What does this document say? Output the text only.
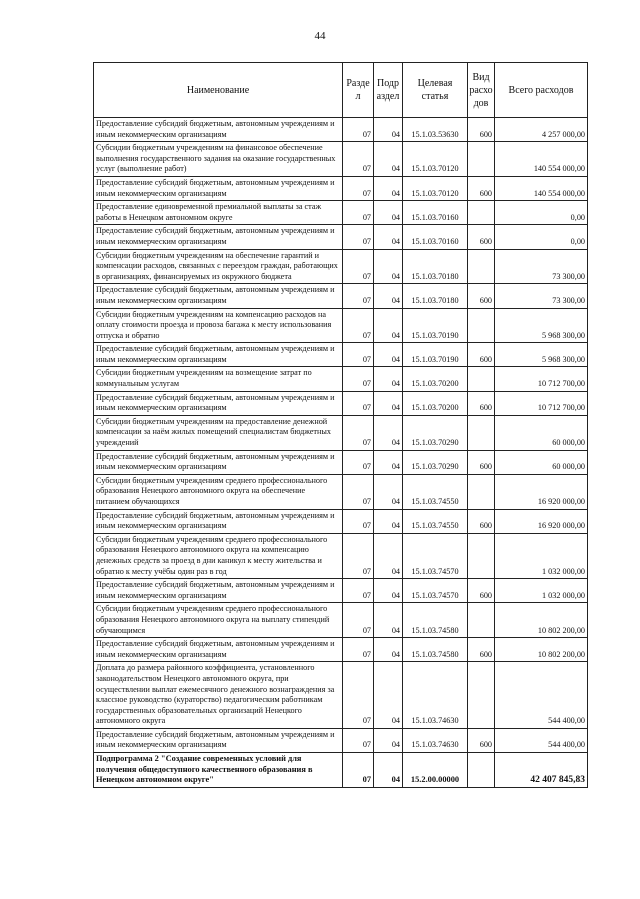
44
Наименование	Разде л	Подр аздел	Целевая статья	Вид расхо дов	Всего расходов
Предоставление субсидий бюджетным, автономным учреждениям и иным некоммерческим организациям	07	04	15.1.03.53630	600	4 257 000,00
Субсидии бюджетным учреждениям на финансовое обеспечение выполнения государственного задания на оказание государственных услуг (выполнение работ)	07	04	15.1.03.70120		140 554 000,00
Предоставление субсидий бюджетным, автономным учреждениям и иным некоммерческим организациям	07	04	15.1.03.70120	600	140 554 000,00
Предоставление единовременной премиальной выплаты за стаж работы в Ненецком автономном округе	07	04	15.1.03.70160		0,00
Предоставление субсидий бюджетным, автономным учреждениям и иным некоммерческим организациям	07	04	15.1.03.70160	600	0,00
Субсидии бюджетным учреждениям на обеспечение гарантий и компенсации расходов, связанных с переездом граждан, работающих в организациях, финансируемых из окружного бюджета	07	04	15.1.03.70180		73 300,00
Предоставление субсидий бюджетным, автономным учреждениям и иным некоммерческим организациям	07	04	15.1.03.70180	600	73 300,00
Субсидии бюджетным учреждениям на компенсацию расходов на оплату стоимости проезда и провоза багажа к месту использования отпуска и обратно	07	04	15.1.03.70190		5 968 300,00
Предоставление субсидий бюджетным, автономным учреждениям и иным некоммерческим организациям	07	04	15.1.03.70190	600	5 968 300,00
Субсидии бюджетным учреждениям на возмещение затрат по коммунальным услугам	07	04	15.1.03.70200		10 712 700,00
Предоставление субсидий бюджетным, автономным учреждениям и иным некоммерческим организациям	07	04	15.1.03.70200	600	10 712 700,00
Субсидии бюджетным учреждениям на предоставление денежной компенсации за наём жилых помещений специалистам бюджетных учреждений	07	04	15.1.03.70290		60 000,00
Предоставление субсидий бюджетным, автономным учреждениям и иным некоммерческим организациям	07	04	15.1.03.70290	600	60 000,00
Субсидии бюджетным учреждениям среднего профессионального образования Ненецкого автономного округа на обеспечение питанием обучающихся	07	04	15.1.03.74550		16 920 000,00
Предоставление субсидий бюджетным, автономным учреждениям и иным некоммерческим организациям	07	04	15.1.03.74550	600	16 920 000,00
Субсидии бюджетным учреждениям среднего профессионального образования Ненецкого автономного округа на компенсацию денежных средств за проезд в дни каникул к месту жительства и обратно к месту учёбы один раз в год	07	04	15.1.03.74570		1 032 000,00
Предоставление субсидий бюджетным, автономным учреждениям и иным некоммерческим организациям	07	04	15.1.03.74570	600	1 032 000,00
Субсидии бюджетным учреждениям среднего профессионального образования Ненецкого автономного округа на выплату стипендий обучающимся	07	04	15.1.03.74580		10 802 200,00
Предоставление субсидий бюджетным, автономным учреждениям и иным некоммерческим организациям	07	04	15.1.03.74580	600	10 802 200,00
Доплата до размера районного коэффициента, установленного законодательством Ненецкого автономного округа, при осуществлении выплат ежемесячного денежного вознаграждения за классное руководство (кураторство) педагогическим работникам государственных образовательных организаций Ненецкого автономного округа	07	04	15.1.03.74630		544 400,00
Предоставление субсидий бюджетным, автономным учреждениям и иным некоммерческим организациям	07	04	15.1.03.74630	600	544 400,00
Подпрограмма 2 "Создание современных условий для получения общедоступного качественного образования в Ненецком автономном округе"	07	04	15.2.00.00000		42 407 845,83
